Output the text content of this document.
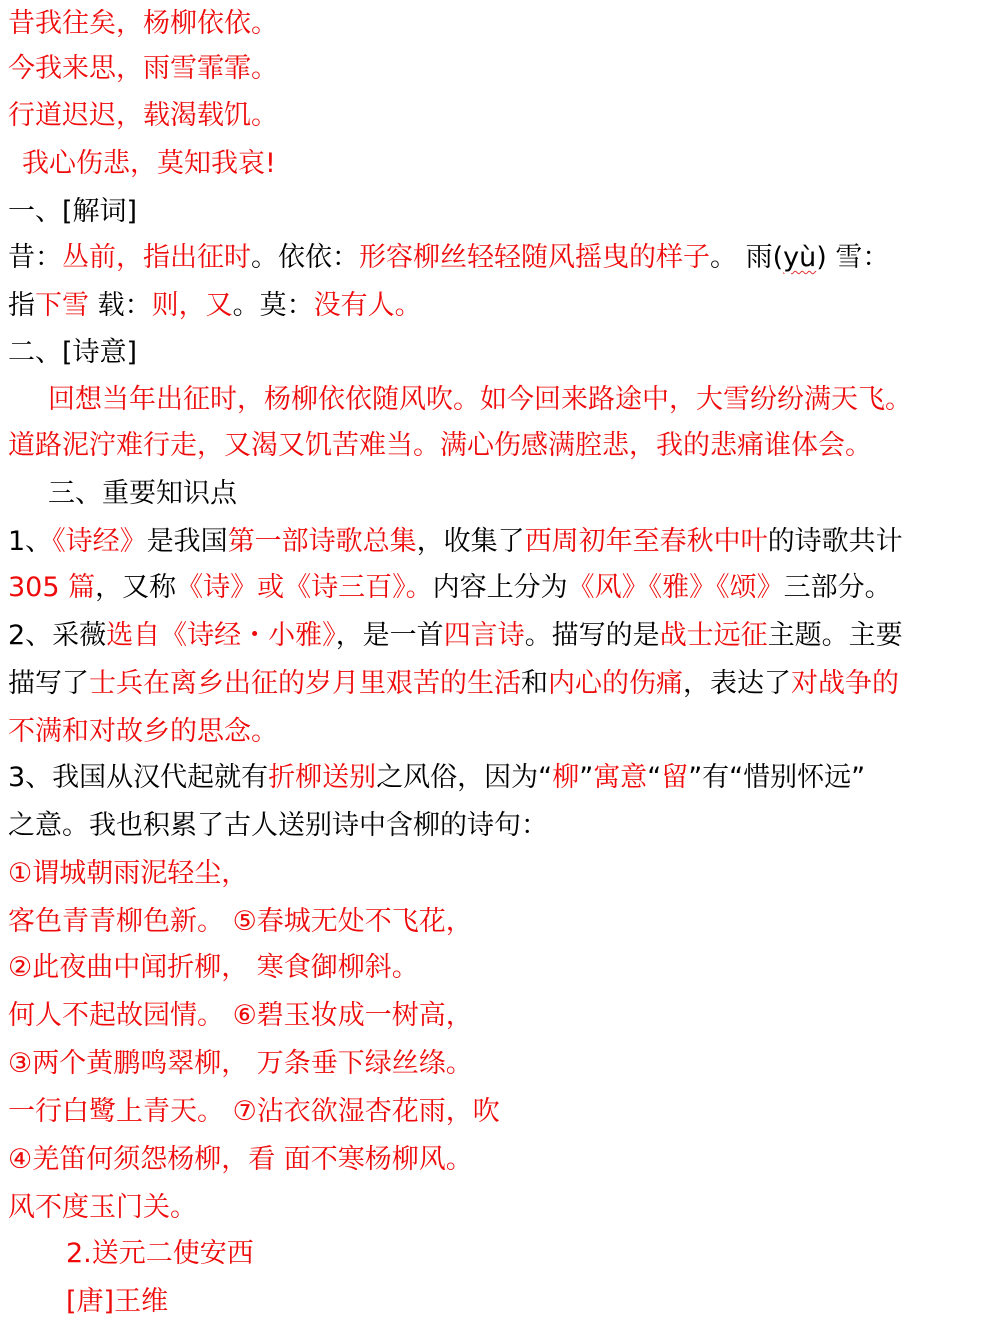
昔我往矣，杨柳依依。
今我来思，雨雪霏霏。
行道迟迟，载渴载饥。
我心伤悲，莫知我哀!
一、[解词]
昔：丛前，指出征时。依依：形容柳丝轻轻随风摇曳的样子。 雨(yù) 雪：
指下雪 载：则，又。莫：没有人。
二、[诗意]
回想当年出征时，杨柳依依随风吹。如今回来路途中，大雪纷纷满天飞。
道路泥泞难行走，又渴又饥苦难当。满心伤感满腔悲，我的悲痛谁体会。
三、重要知识点
1、《诗经》是我国第一部诗歌总集，收集了西周初年至春秋中叶的诗歌共计
305 篇，又称《诗》或《诗三百》。内容上分为《风》《雅》《颂》三部分。
2、采薇选自《诗经・小雅》，是一首四言诗。描写的是战士远征主题。主要
描写了士兵在离乡出征的岁月里艰苦的生活和内心的伤痛，表达了对战争的
不满和对故乡的思念。
3、我国从汉代起就有折柳送别之风俗，因为“柳”寓意“留”有“惜别怀远”
之意。我也积累了古人送别诗中含柳的诗句：
①谓城朝雨泥轻尘，
客色青青柳色新。 ⑤春城无处不飞花，
②此夜曲中闻折柳， 寒食御柳斜。
何人不起故园情。 ⑥碧玉妆成一树高，
③两个黄鹏鸣翠柳， 万条垂下绿丝绦。
一行白鹭上青天。 ⑦沾衣欲湿杏花雨，吹
④羌笛何须怨杨柳，看 面不寒杨柳风。
风不度玉门关。
2.送元二使安西
[唐]王维
